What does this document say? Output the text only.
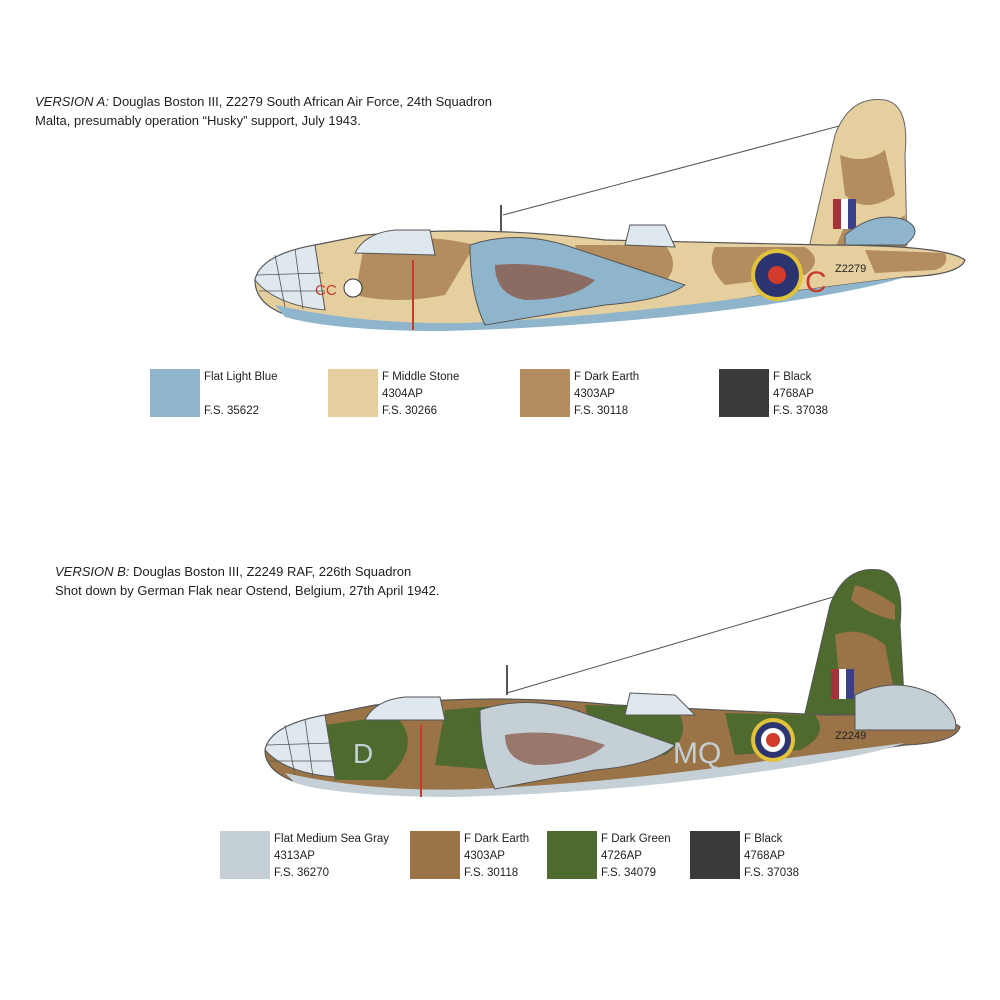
VERSION A: Douglas Boston III, Z2279 South African Air Force, 24th Squadron
Malta, presumably operation “Husky” support, July 1943.
CC	C Z2279
Flat Light Blue
F.S. 35622
F Middle Stone
4304AP
F.S. 30266
F Dark Earth
4303AP
F.S. 30118
F Black
4768AP
F.S. 37038
VERSION B: Douglas Boston III, Z2249 RAF, 226th Squadron
Shot down by German Flak near Ostend, Belgium, 27th April 1942.
D	MQ
Z2249
Flat Medium Sea Gray
4313AP
F.S. 36270
F Dark Earth
4303AP
F.S. 30118
F Dark Green
4726AP
F.S. 34079
F Black
4768AP
F.S. 37038
